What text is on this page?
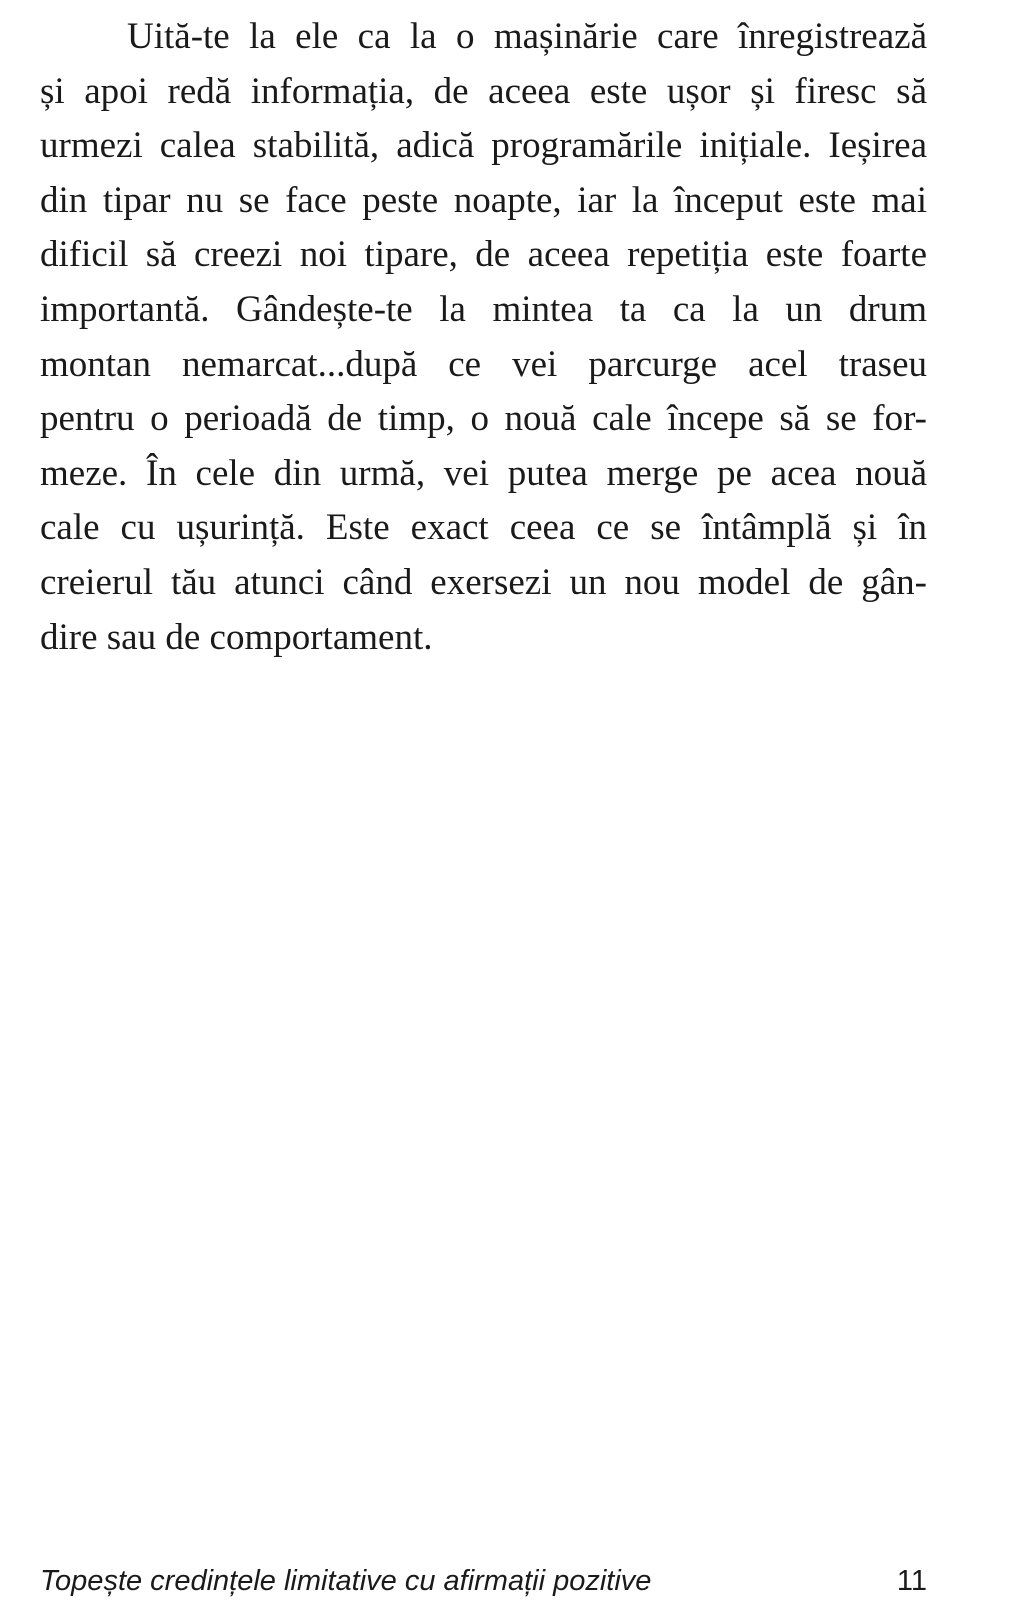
Uită-te la ele ca la o mașinărie care înregistrează
și apoi redă informația, de aceea este ușor și firesc să
urmezi calea stabilită, adică programările inițiale. Ieșirea
din tipar nu se face peste noapte, iar la început este mai
dificil să creezi noi tipare, de aceea repetiția este foarte
importantă. Gândește-te la mintea ta ca la un drum
montan nemarcat...după ce vei parcurge acel traseu
pentru o perioadă de timp, o nouă cale începe să se for-
meze. În cele din urmă, vei putea merge pe acea nouă
cale cu ușurință. Este exact ceea ce se întâmplă și în
creierul tău atunci când exersezi un nou model de gân-
dire sau de comportament.

Topește credințele limitative cu afirmații pozitive	11
